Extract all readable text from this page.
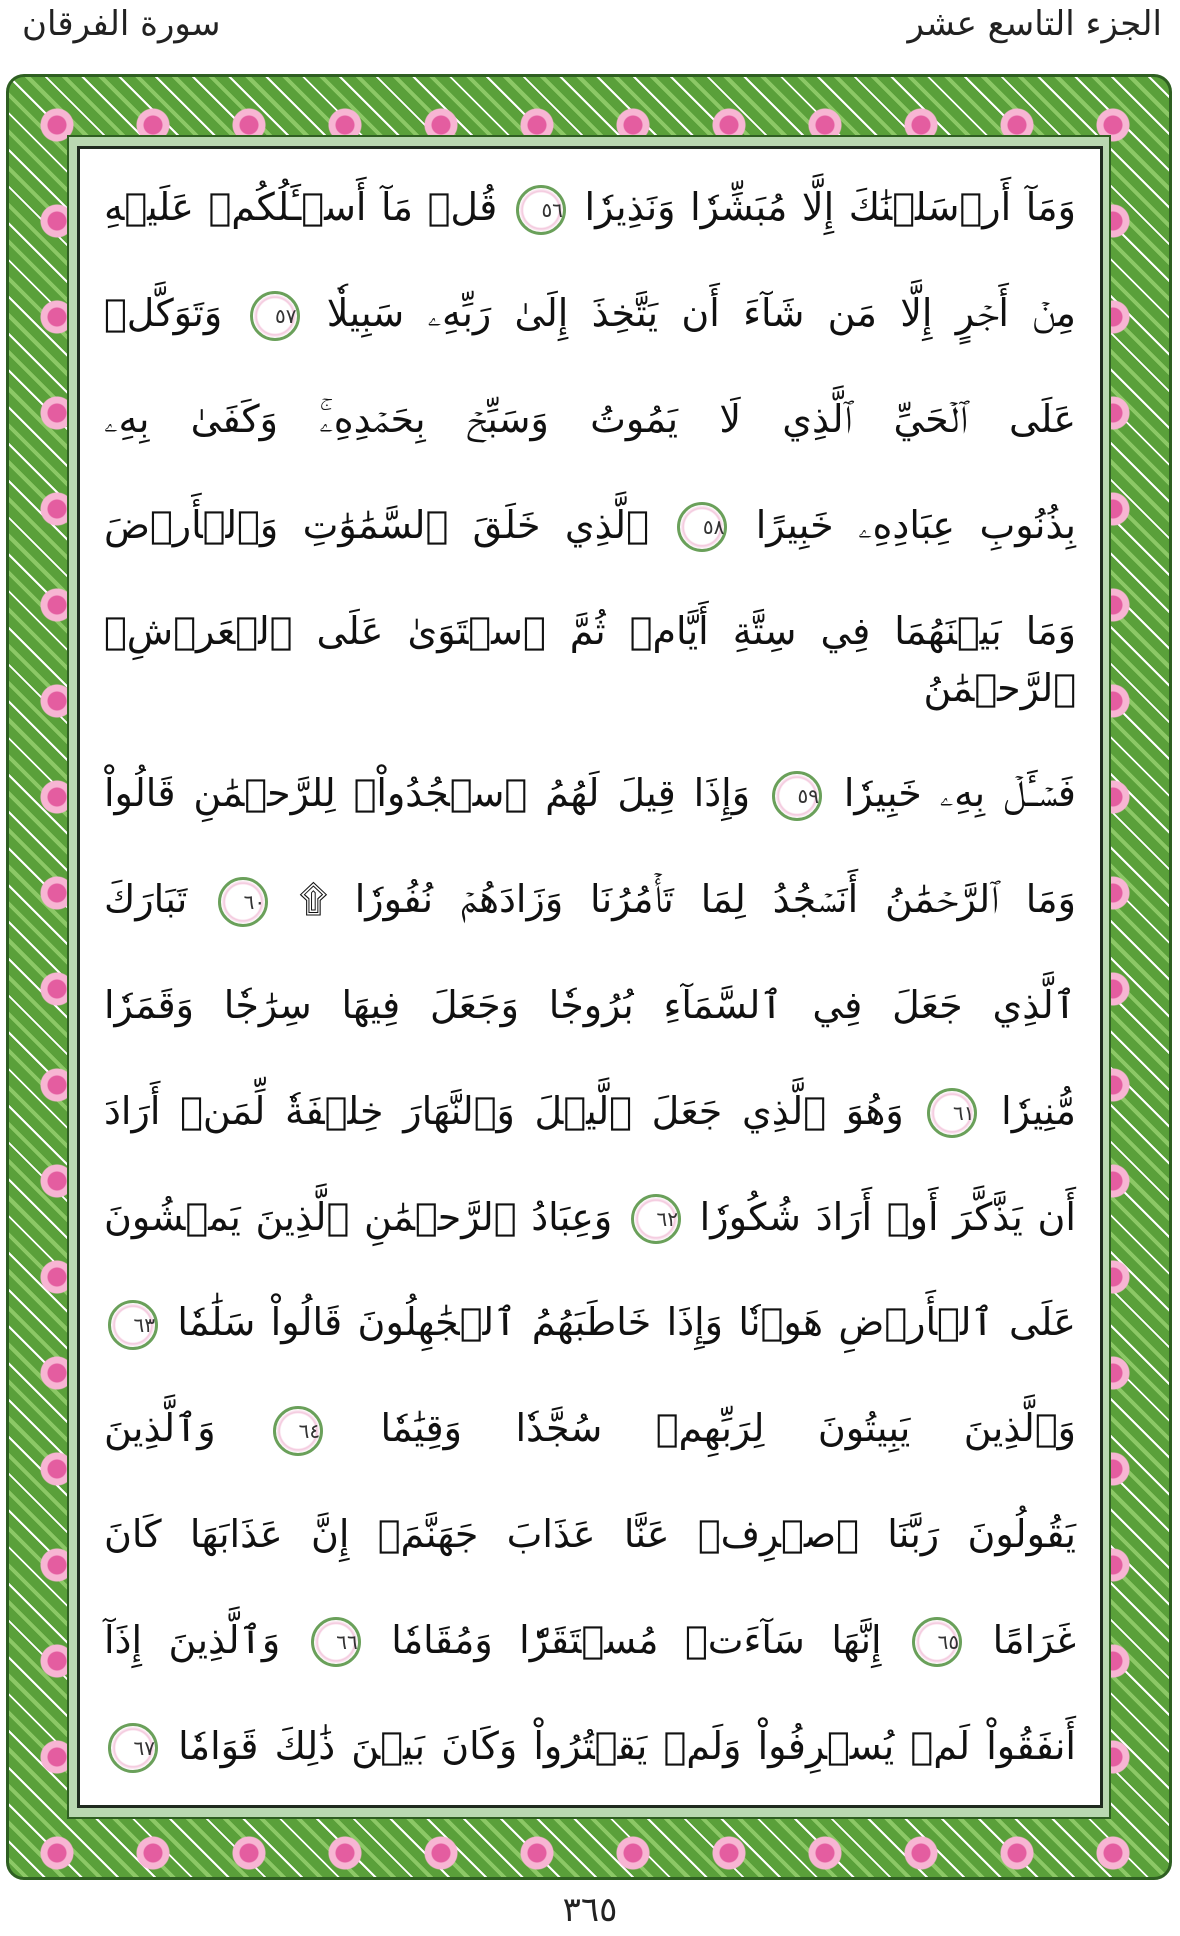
الجزء التاسع عشر
سورة الفرقان
وَمَآ أَرۡسَلۡنَٰكَ إِلَّا مُبَشِّرٗا وَنَذِيرٗا ٥٦ قُلۡ مَآ أَسۡـَٔلُكُمۡ عَلَيۡهِ
مِنۡ أَجۡرٍ إِلَّا مَن شَآءَ أَن يَتَّخِذَ إِلَىٰ رَبِّهِۦ سَبِيلٗا ٥٧ وَتَوَكَّلۡ
عَلَى ٱلۡحَيِّ ٱلَّذِي لَا يَمُوتُ وَسَبِّحۡ بِحَمۡدِهِۦۚ وَكَفَىٰ بِهِۦ
بِذُنُوبِ عِبَادِهِۦ خَبِيرًا ٥٨ ٱلَّذِي خَلَقَ ٱلسَّمَٰوَٰتِ وَٱلۡأَرۡضَ
وَمَا بَيۡنَهُمَا فِي سِتَّةِ أَيَّامٖ ثُمَّ ٱسۡتَوَىٰ عَلَى ٱلۡعَرۡشِۖ ٱلرَّحۡمَٰنُ
فَسۡـَٔلۡ بِهِۦ خَبِيرٗا ٥٩ وَإِذَا قِيلَ لَهُمُ ٱسۡجُدُواْۤ لِلرَّحۡمَٰنِ قَالُواْ
وَمَا ٱلرَّحۡمَٰنُ أَنَسۡجُدُ لِمَا تَأۡمُرُنَا وَزَادَهُمۡ نُفُورٗا ۩ ٦٠ تَبَارَكَ
ٱلَّذِي جَعَلَ فِي ٱلسَّمَآءِ بُرُوجٗا وَجَعَلَ فِيهَا سِرَٰجٗا وَقَمَرٗا
مُّنِيرٗا ٦١ وَهُوَ ٱلَّذِي جَعَلَ ٱلَّيۡلَ وَٱلنَّهَارَ خِلۡفَةٗ لِّمَنۡ أَرَادَ
أَن يَذَّكَّرَ أَوۡ أَرَادَ شُكُورٗا ٦٢ وَعِبَادُ ٱلرَّحۡمَٰنِ ٱلَّذِينَ يَمۡشُونَ
عَلَى ٱلۡأَرۡضِ هَوۡنٗا وَإِذَا خَاطَبَهُمُ ٱلۡجَٰهِلُونَ قَالُواْ سَلَٰمٗا ٦٣
وَٱلَّذِينَ يَبِيتُونَ لِرَبِّهِمۡ سُجَّدٗا وَقِيَٰمٗا ٦٤ وَٱلَّذِينَ
يَقُولُونَ رَبَّنَا ٱصۡرِفۡ عَنَّا عَذَابَ جَهَنَّمَۖ إِنَّ عَذَابَهَا كَانَ
غَرَامًا ٦٥ إِنَّهَا سَآءَتۡ مُسۡتَقَرّٗا وَمُقَامٗا ٦٦ وَٱلَّذِينَ إِذَآ
أَنفَقُواْ لَمۡ يُسۡرِفُواْ وَلَمۡ يَقۡتُرُواْ وَكَانَ بَيۡنَ ذَٰلِكَ قَوَامٗا ٦٧
٣٦٥
